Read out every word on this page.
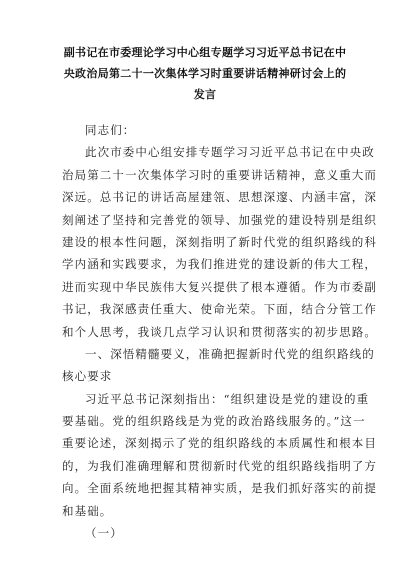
副书记在市委理论学习中心组专题学习习近平总书记在中
央政治局第二十一次集体学习时重要讲话精神研讨会上的
发言
同志们：
此次市委中心组安排专题学习习近平总书记在中央政
治局第二十一次集体学习时的重要讲话精神，意义重大而
深远。总书记的讲话高屋建瓴、思想深邃、内涵丰富，深
刻阐述了坚持和完善党的领导、加强党的建设特别是组织
建设的根本性问题，深刻指明了新时代党的组织路线的科
学内涵和实践要求，为我们推进党的建设新的伟大工程，
进而实现中华民族伟大复兴提供了根本遵循。作为市委副
书记，我深感责任重大、使命光荣。下面，结合分管工作
和个人思考，我谈几点学习认识和贯彻落实的初步思路。
一、深悟精髓要义，准确把握新时代党的组织路线的
核心要求
习近平总书记深刻指出：“组织建设是党的建设的重
要基础。党的组织路线是为党的政治路线服务的。”这一
重要论述，深刻揭示了党的组织路线的本质属性和根本目
的，为我们准确理解和贯彻新时代党的组织路线指明了方
向。全面系统地把握其精神实质，是我们抓好落实的前提
和基础。
（一）
